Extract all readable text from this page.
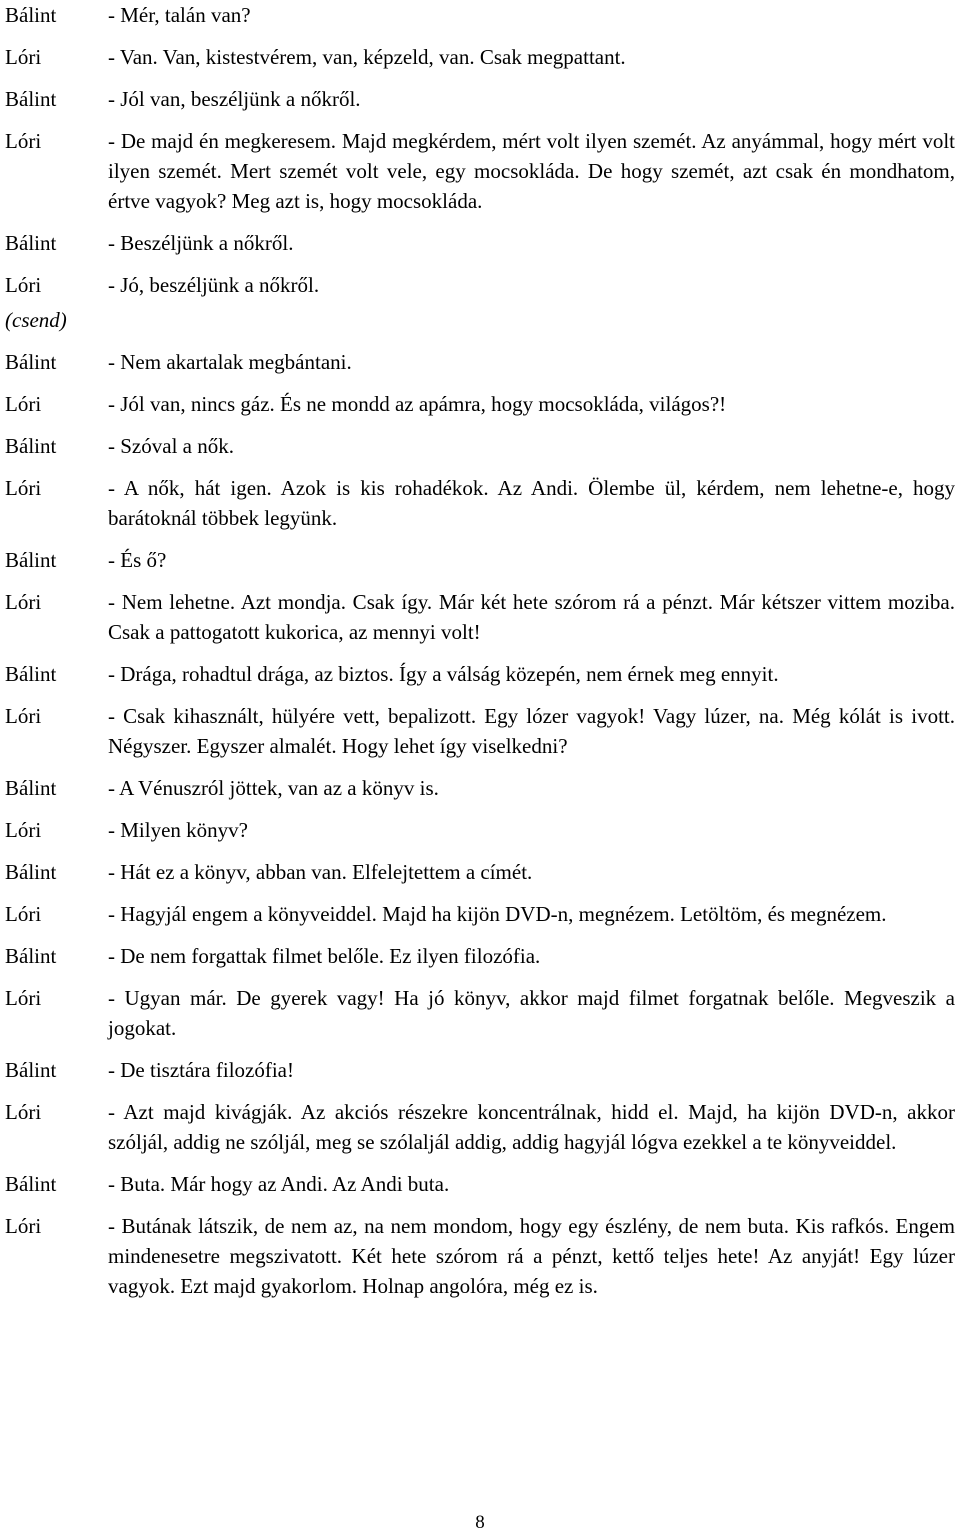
Bálint	- Mér, talán van?
Lóri	- Van. Van, kistestvérem, van, képzeld, van. Csak megpattant.
Bálint	- Jól van, beszéljünk a nőkről.
Lóri	- De majd én megkeresem. Majd megkérdem, mért volt ilyen szemét. Az anyámmal, hogy mért volt ilyen szemét. Mert szemét volt vele, egy mocsokláda. De hogy szemét, azt csak én mondhatom, értve vagyok? Meg azt is, hogy mocsokláda.
Bálint	- Beszéljünk a nőkről.
Lóri	- Jó, beszéljünk a nőkről.
(csend)
Bálint	- Nem akartalak megbántani.
Lóri	- Jól van, nincs gáz. És ne mondd az apámra, hogy mocsokláda, világos?!
Bálint	- Szóval a nők.
Lóri	- A nők, hát igen. Azok is kis rohadékok. Az Andi. Ölembe ül, kérdem, nem lehetne-e, hogy barátoknál többek legyünk.
Bálint	- És ő?
Lóri	- Nem lehetne. Azt mondja. Csak így. Már két hete szórom rá a pénzt. Már kétszer vittem moziba. Csak a pattogatott kukorica, az mennyi volt!
Bálint	- Drága, rohadtul drága, az biztos. Így a válság közepén, nem érnek meg ennyit.
Lóri	- Csak kihasznált, hülyére vett, bepalizott. Egy lózer vagyok! Vagy lúzer, na. Még kólát is ivott. Négyszer. Egyszer almalét. Hogy lehet így viselkedni?
Bálint	- A Vénuszról jöttek, van az a könyv is.
Lóri	- Milyen könyv?
Bálint	- Hát ez a könyv, abban van. Elfelejtettem a címét.
Lóri	- Hagyjál engem a könyveiddel. Majd ha kijön DVD-n, megnézem. Letöltöm, és megnézem.
Bálint	- De nem forgattak filmet belőle. Ez ilyen filozófia.
Lóri	- Ugyan már. De gyerek vagy! Ha jó könyv, akkor majd filmet forgatnak belőle. Megveszik a jogokat.
Bálint	- De tisztára filozófia!
Lóri	- Azt majd kivágják. Az akciós részekre koncentrálnak, hidd el. Majd, ha kijön DVD-n, akkor szóljál, addig ne szóljál, meg se szólaljál addig, addig hagyjál lógva ezekkel a te könyveiddel.
Bálint	- Buta. Már hogy az Andi. Az Andi buta.
Lóri	- Butának látszik, de nem az, na nem mondom, hogy egy észlény, de nem buta. Kis rafkós. Engem mindenesetre megszivatott. Két hete szórom rá a pénzt, kettő teljes hete! Az anyját! Egy lúzer vagyok. Ezt majd gyakorlom. Holnap angolóra, még ez is.
8
